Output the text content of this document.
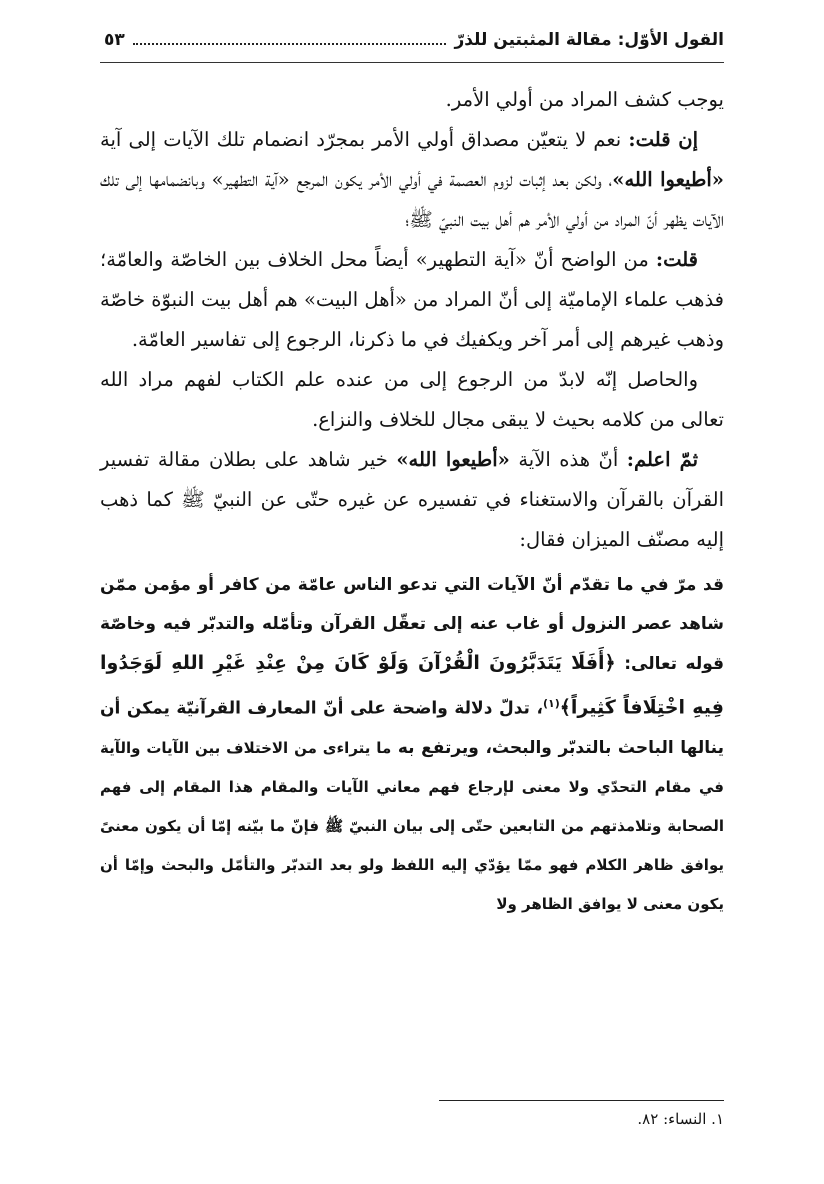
القول الأوّل: مقالة المثبتين للذرّ
٥٣

يوجب كشف المراد من أولي الأمر.

إن قلت: نعم لا يتعيّن مصداق أولي الأمر بمجرّد انضمام تلك الآيات إلى آية «أطيعوا الله»، ولكن بعد إثبات لزوم العصمة في أولي الأمر يكون المرجع «آية التطهير» وبانضمامها إلى تلك الآيات يظهر أنّ المراد من أولي الأمر هم أهل بيت النبيّ ﷺ؛

قلت: من الواضح أنّ «آية التطهير» أيضاً محل الخلاف بين الخاصّة والعامّة؛ فذهب علماء الإماميّة إلى أنّ المراد من «أهل البيت» هم أهل بيت النبوّة خاصّة وذهب غيرهم إلى أمر آخر ويكفيك في ما ذكرنا، الرجوع إلى تفاسير العامّة.

والحاصل إنّه لابدّ من الرجوع إلى من عنده علم الكتاب لفهم مراد الله تعالى من كلامه بحيث لا يبقى مجال للخلاف والنزاع.

ثمّ اعلم: أنّ هذه الآية «أطيعوا الله» خير شاهد على بطلان مقالة تفسير القرآن بالقرآن والاستغناء في تفسيره عن غيره حتّى عن النبيّ ﷺ كما ذهب إليه مصنّف الميزان فقال:

قد مرّ في ما تقدّم أنّ الآيات التي تدعو الناس عامّة من كافر أو مؤمن ممّن شاهد عصر النزول أو غاب عنه إلى تعقّل القرآن وتأمّله والتدبّر فيه وخاصّة قوله تعالى: ﴿أَفَلَا يَتَدَبَّرُونَ الْقُرْآنَ وَلَوْ كَانَ مِنْ عِنْدِ غَيْرِ اللهِ لَوَجَدُوا فِيهِ اخْتِلَافاً كَثِيراً﴾$^{(١)}$، تدلّ دلالة واضحة على أنّ المعارف القرآنيّة يمكن أن ينالها الباحث بالتدبّر والبحث، ويرتفع به ما يتراءى من الاختلاف بين الآيات والآية في مقام التحدّي ولا معنى لإرجاع فهم معاني الآيات والمقام هذا المقام إلى فهم الصحابة وتلامذتهم من التابعين حتّى إلى بيان النبيّ ﷺ فإنّ ما بيّنه إمّا أن يكون معنىً يوافق ظاهر الكلام فهو ممّا يؤدّي إليه اللفظ ولو بعد التدبّر والتأمّل والبحث وإمّا أن يكون معنى لا يوافق الظاهر ولا
١. النساء: ٨٢.
